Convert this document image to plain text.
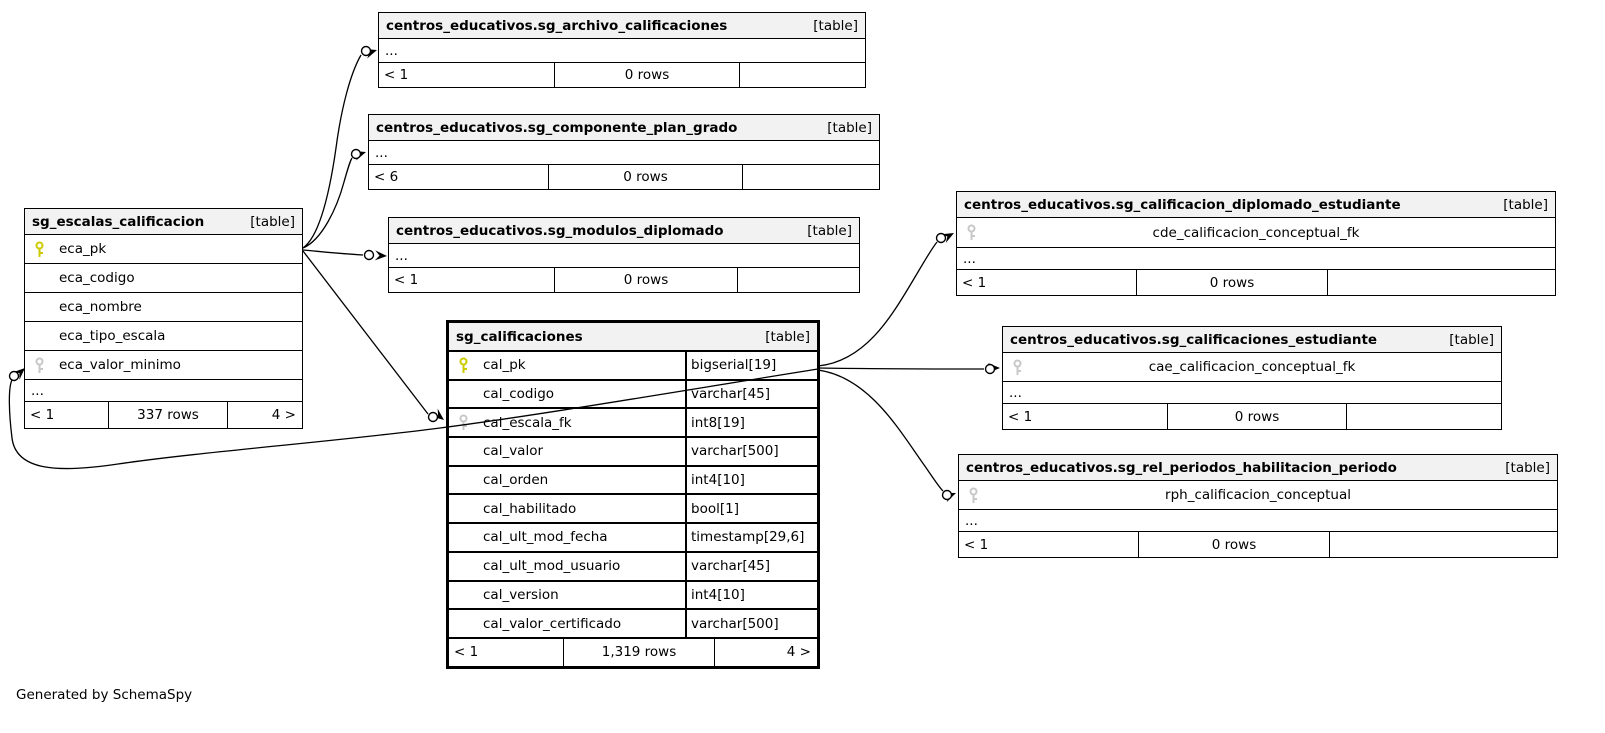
centros_educativos.sg_archivo_calificaciones	[table]
...
< 1	0 rows
centros_educativos.sg_componente_plan_grado	[table]
...
< 6	0 rows
sg_escalas_calificacion	[table]
eca_pk
eca_codigo
eca_nombre
eca_tipo_escala
eca_valor_minimo
...
< 1	337 rows	4 >
centros_educativos.sg_modulos_diplomado	[table]
...
< 1	0 rows
sg_calificaciones	[table]
cal_pk	bigserial[19]
cal_codigo	varchar[45]
cal_escala_fk	int8[19]
cal_valor	varchar[500]
cal_orden	int4[10]
cal_habilitado	bool[1]
cal_ult_mod_fecha	timestamp[29,6]
cal_ult_mod_usuario	varchar[45]
cal_version	int4[10]
cal_valor_certificado	varchar[500]
< 1	1,319 rows	4 >
centros_educativos.sg_calificacion_diplomado_estudiante	[table]
cde_calificacion_conceptual_fk
...
< 1	0 rows
centros_educativos.sg_calificaciones_estudiante	[table]
cae_calificacion_conceptual_fk
...
< 1	0 rows
centros_educativos.sg_rel_periodos_habilitacion_periodo	[table]
rph_calificacion_conceptual
...
< 1	0 rows
Generated by SchemaSpy
